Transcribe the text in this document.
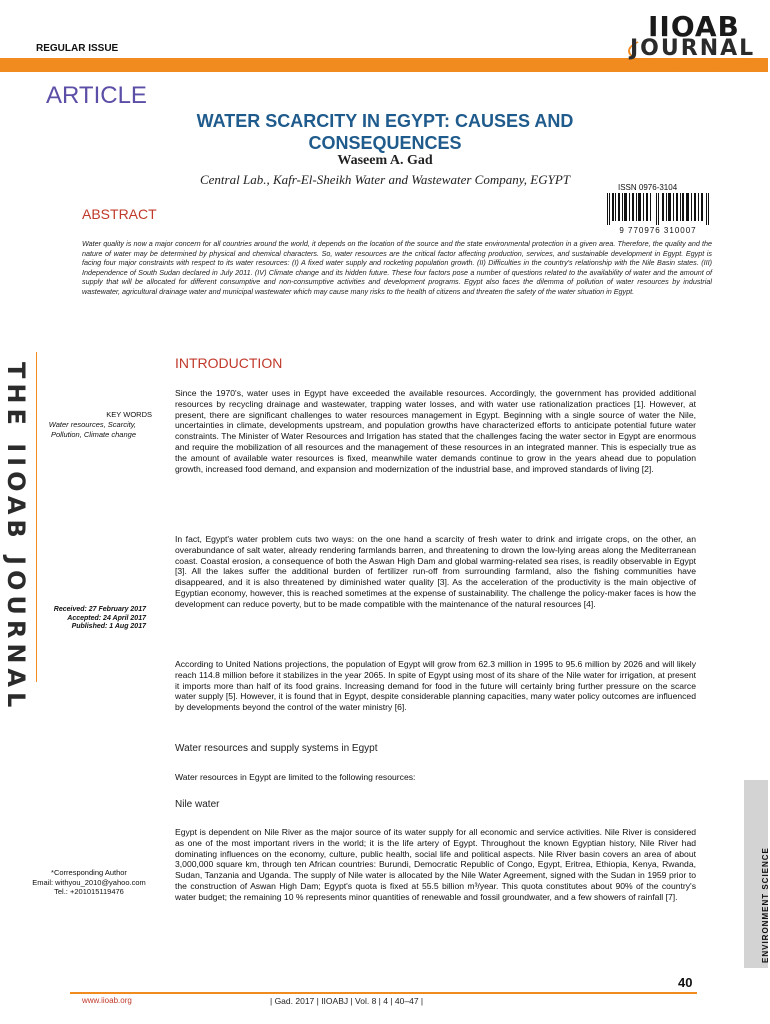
REGULAR ISSUE
IIOAB
JOURNAL
ARTICLE
WATER SCARCITY IN EGYPT: CAUSES AND CONSEQUENCES
Waseem A. Gad
Central Lab., Kafr-El-Sheikh Water and Wastewater Company, EGYPT
ISSN 0976-3104
9 770976 310007
ABSTRACT
Water quality is now a major concern for all countries around the world, it depends on the location of the source and the state environmental protection in a given area. Therefore, the quality and the nature of water may be determined by physical and chemical characters. So, water resources are the critical factor affecting production, services, and sustainable development in Egypt. Egypt is facing four major constraints with respect to its water resources: (I) A fixed water supply and rocketing population growth. (II) Difficulties in the country's relationship with the Nile Basin states. (III) Independence of South Sudan declared in July 2011. (IV) Climate change and its hidden future. These four factors pose a number of questions related to the availability of water and the amount of supply that will be allocated for different consumptive and non-consumptive activities and development programs. Egypt also faces the dilemma of pollution of water resources by industrial wastewater, agricultural drainage water and municipal wastewater which may cause many risks to the health of citizens and threaten the safety of the water situation in Egypt.
THE IIOAB JOURNAL	KEY WORDS
Water resources, Scarcity, Pollution, Climate change
Received: 27 February 2017
Accepted: 24 April 2017
Published: 1 Aug 2017
*Corresponding Author
Email: withyou_2010@yahoo.com
Tel.: +201015119476
INTRODUCTION
Since the 1970's, water uses in Egypt have exceeded the available resources. Accordingly, the government has provided additional resources by recycling drainage and wastewater, trapping water losses, and with water use rationalization practices [1]. However, at present, there are significant challenges to water resources management in Egypt. Beginning with a single source of water the Nile, uncertainties in climate, developments upstream, and population growths have characterized efforts to anticipate potential future water constraints. The Minister of Water Resources and Irrigation has stated that the challenges facing the water sector in Egypt are enormous and require the mobilization of all resources and the management of these resources in an integrated manner. This is especially true as the amount of available water resources is fixed, meanwhile water demands continue to grow in the years ahead due to population growth, increased food demand, and expansion and modernization of the industrial base, and improved standards of living [2].
In fact, Egypt's water problem cuts two ways: on the one hand a scarcity of fresh water to drink and irrigate crops, on the other, an overabundance of salt water, already rendering farmlands barren, and threatening to drown the low-lying areas along the Mediterranean coast. Coastal erosion, a consequence of both the Aswan High Dam and global warming-related sea rises, is readily observable in Egypt [3]. All the lakes suffer the additional burden of fertilizer run-off from surrounding farmland, also the fishing communities have disappeared, and it is also threatened by diminished water quality [3]. As the acceleration of the productivity is the main objective of Egyptian economy, however, this is reached sometimes at the expense of sustainability. The challenge the policy-maker faces is how the development can reduce poverty, but to be made compatible with the maintenance of the natural resources [4].
According to United Nations projections, the population of Egypt will grow from 62.3 million in 1995 to 95.6 million by 2026 and will likely reach 114.8 million before it stabilizes in the year 2065. In spite of Egypt using most of its share of the Nile water for irrigation, at present it imports more than half of its food grains. Increasing demand for food in the future will certainly bring further pressure on the scarce water supply [5]. However, it is found that in Egypt, despite considerable planning capacities, many water policy outcomes are influenced by developments beyond the control of the water ministry [6].
Water resources and supply systems in Egypt
Water resources in Egypt are limited to the following resources:
Nile water
Egypt is dependent on Nile River as the major source of its water supply for all economic and service activities. Nile River is considered as one of the most important rivers in the world; it is the life artery of Egypt. Throughout the known Egyptian history, Nile River had dominating influences on the economy, culture, public health, social life and political aspects. Nile River basin covers an area of about 3,000,000 square km, through ten African countries: Burundi, Democratic Republic of Congo, Egypt, Eritrea, Ethiopia, Kenya, Rwanda, Sudan, Tanzania and Uganda. The supply of Nile water is allocated by the Nile Water Agreement, signed with the Sudan in 1959 prior to the construction of Aswan High Dam; Egypt's quota is fixed at 55.5 billion m³/year. This quota constitutes about 90% of the country's water budget; the remaining 10 % represents minor quantities of renewable and fossil groundwater, and a few showers of rainfall [7].	ENVIRONMENT SCIENCE
40
www.iioab.org	| Gad. 2017 | IIOABJ | Vol. 8 | 4 | 40–47 |
